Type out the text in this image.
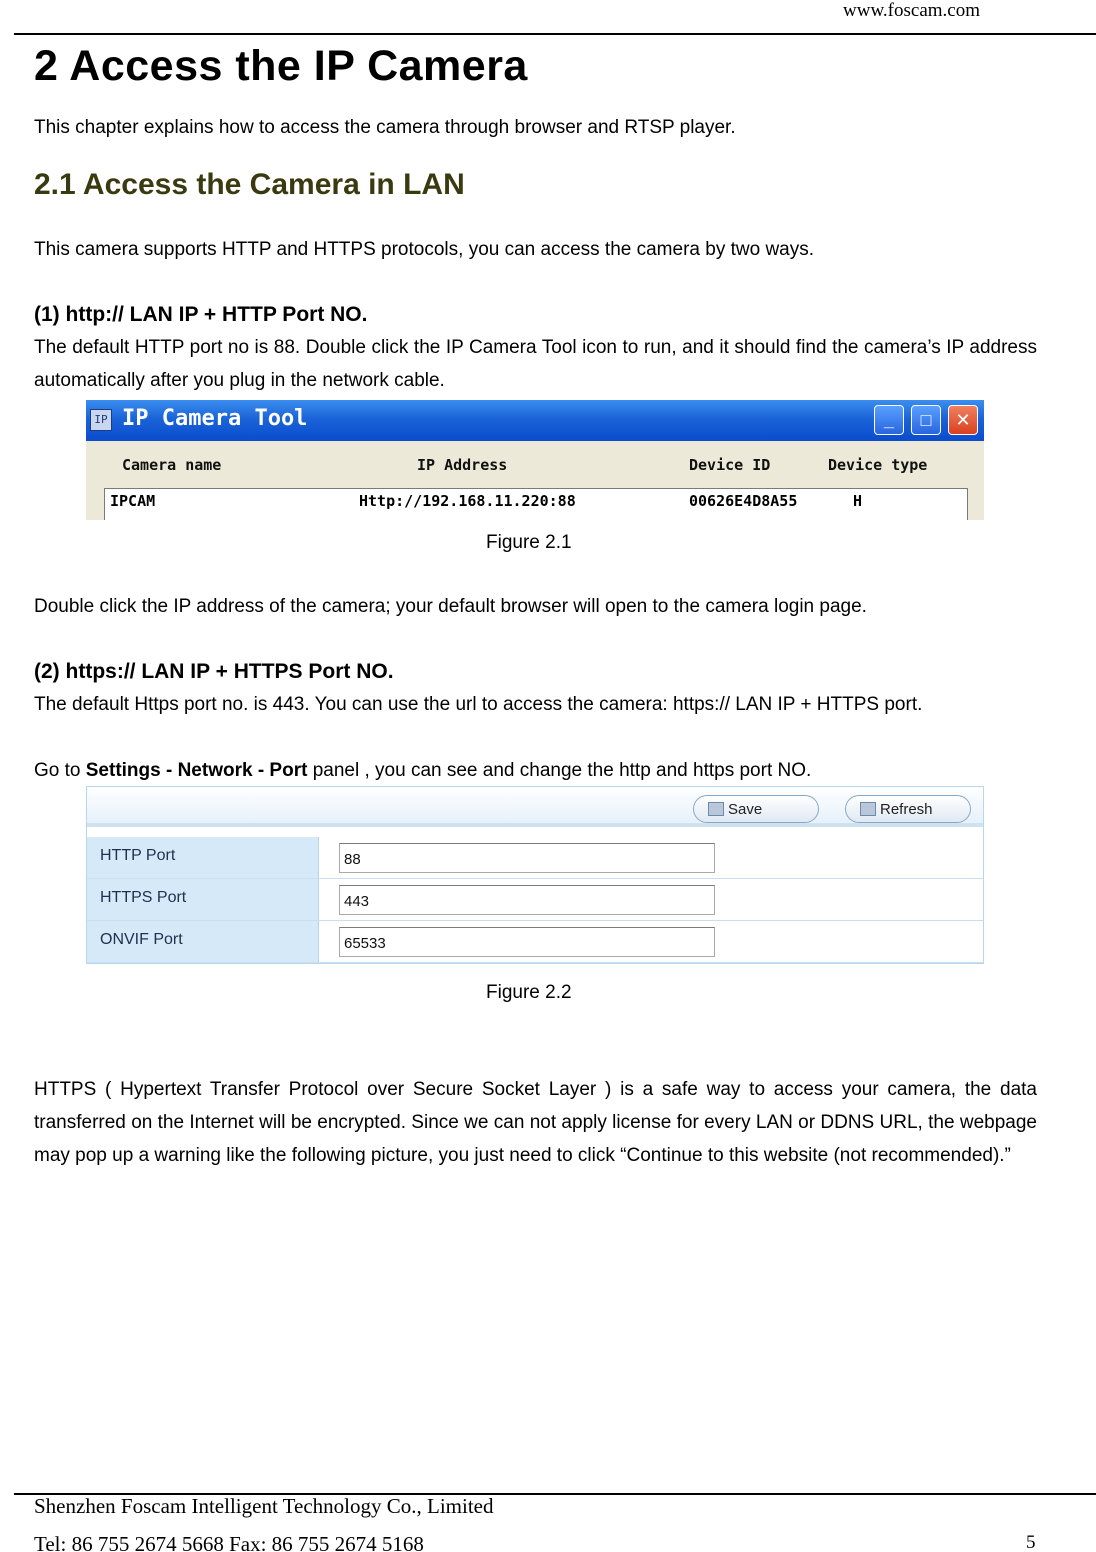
www.foscam.com
2 Access the IP Camera
This chapter explains how to access the camera through browser and RTSP player.
2.1 Access the Camera in LAN
This camera supports HTTP and HTTPS protocols, you can access the camera by two ways.
(1) http:// LAN IP + HTTP Port NO.
The default HTTP port no is 88. Double click the IP Camera Tool icon to run, and it should find the camera’s IP address automatically after you plug in the network cable.
IP IP Camera Tool	_	□	✕
Camera name	IP Address	Device ID	Device type
IPCAM	Http://192.168.11.220:88	00626E4D8A55	H
Figure 2.1
Double click the IP address of the camera; your default browser will open to the camera login page.
(2) https:// LAN IP + HTTPS Port NO.
The default Https port no. is 443. You can use the url to access the camera: https:// LAN IP + HTTPS port.
Go to Settings - Network - Port panel , you can see and change the http and https port NO.
Save	Refresh
HTTP Port	88
HTTPS Port	443
ONVIF Port	65533
Figure 2.2
HTTPS ( Hypertext Transfer Protocol over Secure Socket Layer ) is a safe way to access your camera, the data transferred on the Internet will be encrypted. Since we can not apply license for every LAN or DDNS URL, the webpage may pop up a warning like the following picture, you just need to click “Continue to this website (not recommended).”
Shenzhen Foscam Intelligent Technology Co., Limited
Tel: 86 755 2674 5668 Fax: 86 755 2674 5168	5
